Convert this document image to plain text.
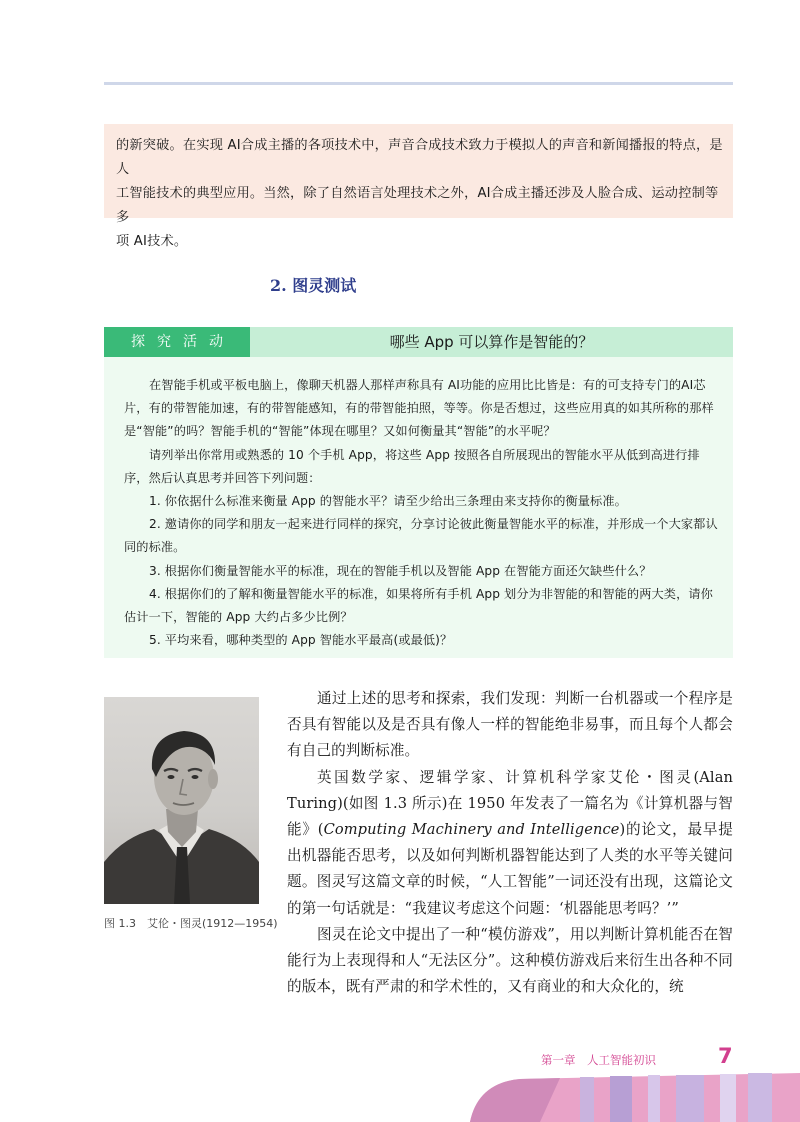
的新突破。在实现 AI合成主播的各项技术中，声音合成技术致力于模拟人的声音和新闻播报的特点，是人

工智能技术的典型应用。当然，除了自然语言处理技术之外，AI合成主播还涉及人脸合成、运动控制等多

项 AI技术。

2. 图灵测试
探究活动	哪些 App 可以算作是智能的？

在智能手机或平板电脑上，像聊天机器人那样声称具有 AI功能的应用比比皆是：有的可支持专门的AI芯片，有的带智能加速，有的带智能感知，有的带智能拍照，等等。你是否想过，这些应用真的如其所称的那样是“智能”的吗？智能手机的“智能”体现在哪里？又如何衡量其“智能”的水平呢？

请列举出你常用或熟悉的 10 个手机 App，将这些 App 按照各自所展现出的智能水平从低到高进行排序，然后认真思考并回答下列问题：

1. 你依据什么标准来衡量 App 的智能水平？请至少给出三条理由来支持你的衡量标准。

2. 邀请你的同学和朋友一起来进行同样的探究，分享讨论彼此衡量智能水平的标准，并形成一个大家都认同的标准。

3. 根据你们衡量智能水平的标准，现在的智能手机以及智能 App 在智能方面还欠缺些什么？

4. 根据你们的了解和衡量智能水平的标准，如果将所有手机 App 划分为非智能的和智能的两大类，请你估计一下，智能的 App 大约占多少比例？

5. 平均来看，哪种类型的 App 智能水平最高(或最低)？

图 1.3　艾伦・图灵(1912—1954)

通过上述的思考和探索，我们发现：判断一台机器或一个程序是否具有智能以及是否具有像人一样的智能绝非易事，而且每个人都会有自己的判断标准。

英国数学家、逻辑学家、计算机科学家艾伦・图灵(Alan Turing)(如图 1.3 所示)在 1950 年发表了一篇名为《计算机器与智能》(Computing Machinery and Intelligence)的论文，最早提出机器能否思考，以及如何判断机器智能达到了人类的水平等关键问题。图灵写这篇文章的时候，“人工智能”一词还没有出现，这篇论文的第一句话就是：“我建议考虑这个问题：‘机器能思考吗？’”

图灵在论文中提出了一种“模仿游戏”，用以判断计算机能否在智能行为上表现得和人“无法区分”。这种模仿游戏后来衍生出各种不同的版本，既有严肃的和学术性的，又有商业的和大众化的，统

第一章　人工智能初识	7
